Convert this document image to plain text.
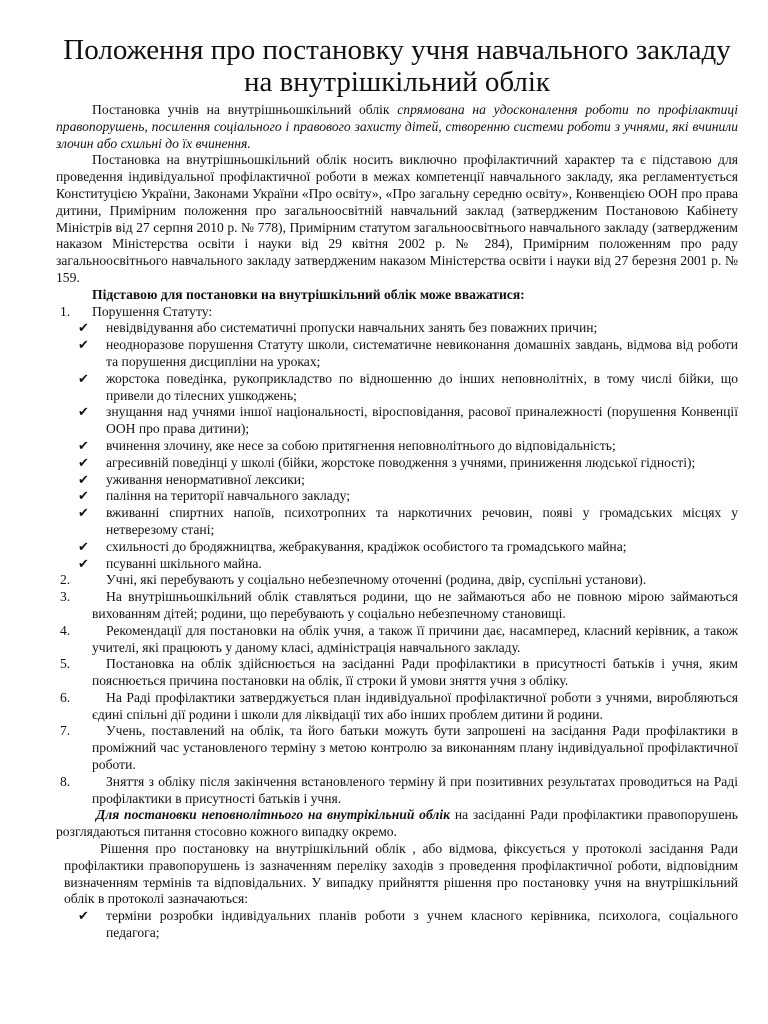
Положення про постановку учня навчального закладу на внутрішкільний облік

Постановка учнів на внутрішньошкільний облік спрямована на удосконалення роботи по профілактиці правопорушень, посилення соціального і правового захисту дітей, створенню системи роботи з учнями, які вчинили злочин або схильні до їх вчинення.

Постановка на внутрішньошкільний облік носить виключно профілактичний характер та є підставою для проведення індивідуальної профілактичної роботи в межах компетенції навчального закладу, яка регламентується Конституцією України, Законами України «Про освіту», «Про загальну середню освіту», Конвенцією ООН про права дитини, Примірним положення про загальноосвітній навчальний заклад (затвердженим Постановою Кабінету Міністрів від 27 серпня 2010 р. № 778), Примірним статутом загальноосвітнього навчального закладу (затвердженим наказом Міністерства освіти і науки від 29 квітня 2002 р. № 284), Примірним положенням про раду загальноосвітнього навчального закладу затвердженим наказом Міністерства освіти і науки від 27 березня 2001 р. № 159.

Підставою для постановки на внутрішкільний облік може вважатися:

1. Порушення Статуту:
✔ невідвідування або систематичні пропуски навчальних занять без поважних причин;
✔ неодноразове порушення Статуту школи, систематичне невиконання домашніх завдань, відмова від роботи та порушення дисципліни на уроках;
✔ жорстока поведінка, рукоприкладство по відношенню до інших неповнолітніх, в тому числі бійки, що привели до тілесних ушкоджень;
✔ знущання над учнями іншої національності, віросповідання, расової приналежності (порушення Конвенції ООН про права дитини);
✔ вчинення злочину, яке несе за собою притягнення неповнолітнього до відповідальність;
✔ агресивній поведінці у школі (бійки, жорстоке поводження з учнями, приниження людської гідності);
✔ уживання ненормативної лексики;
✔ паління на території навчального закладу;
✔ вживанні спиртних напоїв, психотропних та наркотичних речовин, появі у громадських місцях у нетверезому стані;
✔ схильності до бродяжництва, жебракування, крадіжок особистого та громадського майна;
✔ псуванні шкільного майна.
2.	Учні, які перебувають у соціально небезпечному оточенні (родина, двір, суспільні установи).
3.	На внутрішньошкільний облік ставляться родини, що не займаються або не повною мірою займаються вихованням дітей; родини, що перебувають у соціально небезпечному становищі.
4.	Рекомендації для постановки на облік учня, а також її причини дає, насамперед, класний керівник, а також учителі, які працюють у даному класі, адміністрація навчального закладу.
5.	Постановка на облік здійснюється на засіданні Ради профілактики в присутності батьків і учня, яким пояснюється причина постановки на облік, її строки й умови зняття учня з обліку.
6.	На Раді профілактики затверджується план індивідуальної профілактичної роботи з учнями, виробляються єдині спільні дії родини і школи для ліквідації тих або інших проблем дитини й родини.
7.	Учень, поставлений на облік, та його батьки можуть бути запрошені на засідання Ради профілактики в проміжний час установленого терміну з метою контролю за виконанням плану індивідуальної профілактичної роботи.
8.	Зняття з обліку після закінчення встановленого терміну й при позитивних результатах проводиться на Раді профілактики в присутності батьків і учня.

Для постановки неповнолітнього на внутрікільний облік на засіданні Ради профілактики правопорушень розглядаються питання стосовно кожного випадку окремо.

Рішення про постановку на внутрішкільний облік , або відмова, фіксується у протоколі засідання Ради профілактики правопорушень із зазначенням переліку заходів з проведення профілактичної роботи, відповідним визначенням термінів та відповідальних. У випадку прийняття рішення про постановку учня на внутрішкільний облік в протоколі зазначаються:

✔ терміни розробки індивідуальних планів роботи з учнем класного керівника, психолога, соціального педагога;
